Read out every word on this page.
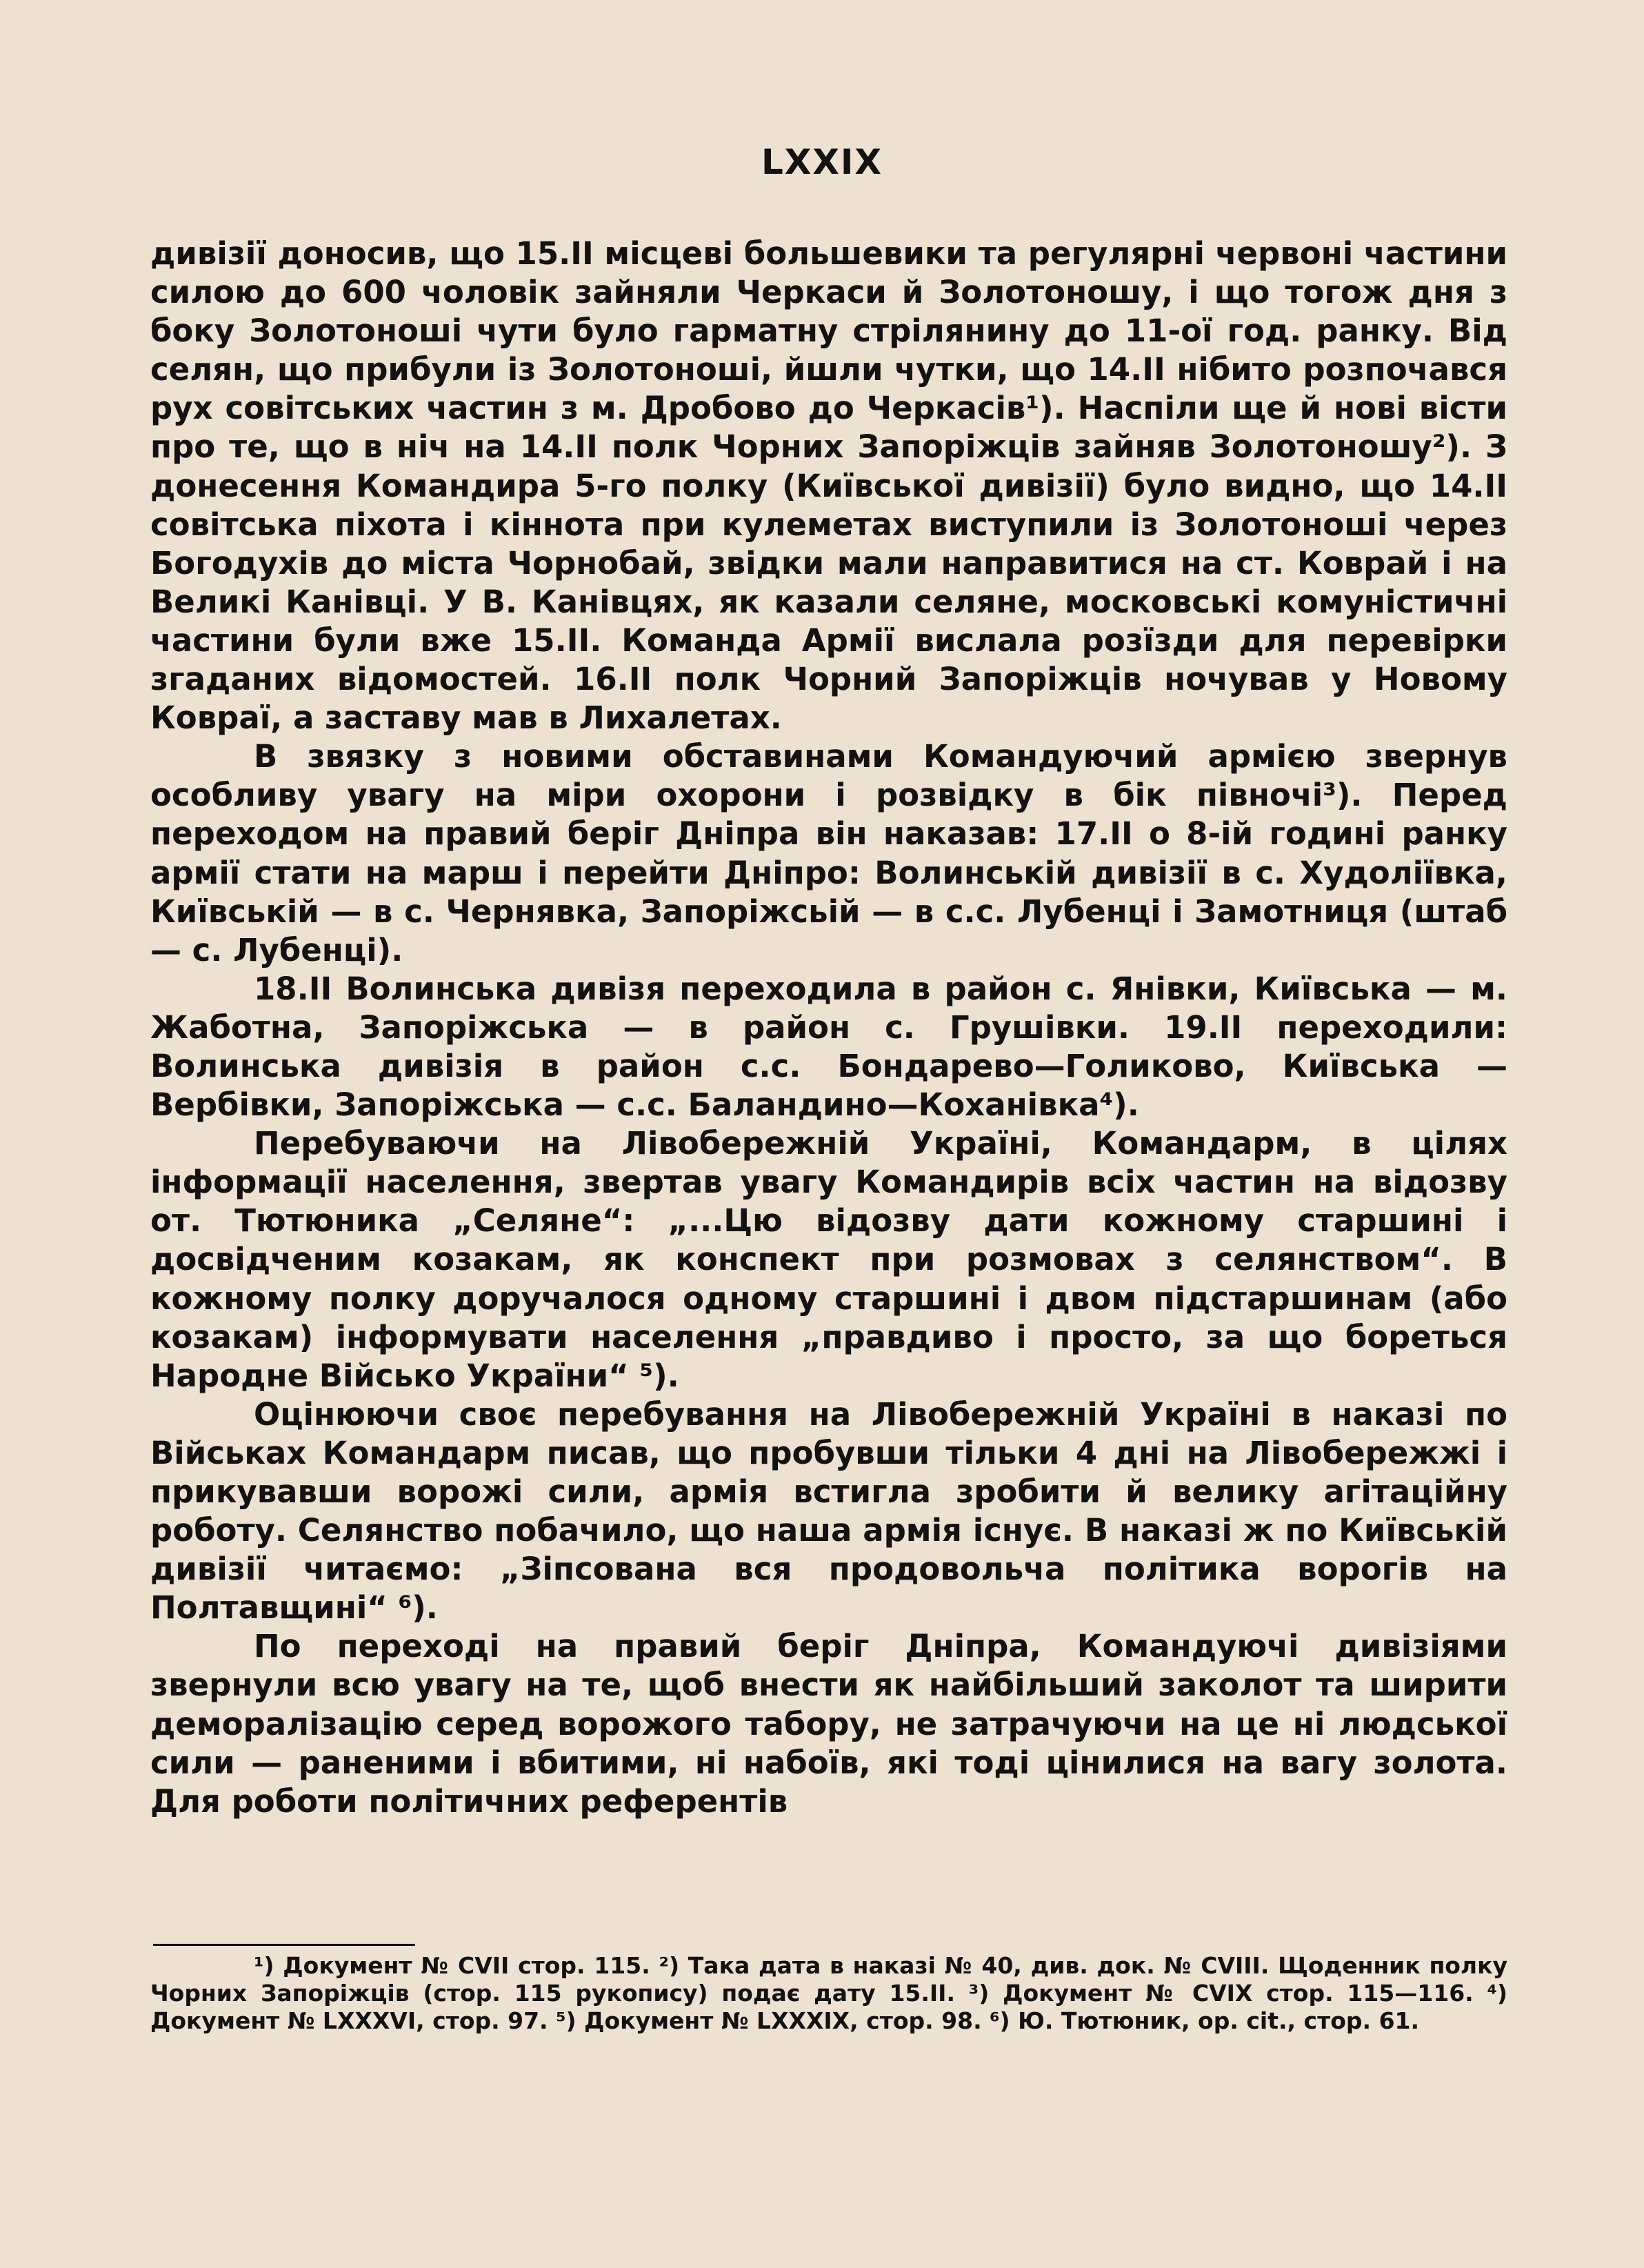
LXXIX

дивізії доносив, що 15.II місцеві большевики та регулярні червоні частини силою до 600 чоловік зайняли Черкаси й Золотоношу, і що тогож дня з боку Золотоноші чути було гарматну стрілянину до 11-ої год. ранку. Від селян, що прибули із Золотоноші, йшли чутки, що 14.II нібито розпочався рух совітських частин з м. Дробово до Черкасів¹). Наспіли ще й нові вісти про те, що в ніч на 14.II полк Чорних Запоріжців зайняв Золотоношу²). З донесення Командира 5-го полку (Київської дивізії) було видно, що 14.II совітська піхота і кіннота при кулеметах виступили із Золотоноші через Богодухів до міста Чорнобай, звідки мали направитися на ст. Коврай і на Великі Канівці. У В. Канівцях, як казали селяне, московські комуністичні частини були вже 15.II. Команда Армії вислала розїзди для перевірки згаданих відомостей. 16.II полк Чорний Запоріжців ночував у Новому Ковраї, а заставу мав в Лихалетах.

В звязку з новими обставинами Командуючий армією звернув особливу увагу на міри охорони і розвідку в бік півночі³). Перед переходом на правий беріг Дніпра він наказав: 17.II о 8-ій годині ранку армії стати на марш і перейти Дніпро: Волинській дивізії в с. Худоліївка, Київській — в с. Чернявка, Запоріжсьій — в с.с. Лубенці і Замотниця (штаб — с. Лубенці).

18.II Волинська дивізя переходила в район с. Янівки, Київська — м. Жаботна, Запоріжська — в район с. Грушівки. 19.II переходили: Волинська дивізія в район с.с. Бондарево—Голиково, Київська — Вербівки, Запоріжська — с.с. Баландино—Коханівка⁴).

Перебуваючи на Лівобережній Україні, Командарм, в цілях інформації населення, звертав увагу Командирів всіх частин на відозву от. Тютюника „Селяне“: „...Цю відозву дати кожному старшині і досвідченим козакам, як конспект при розмовах з селянством“. В кожному полку доручалося одному старшині і двом підстаршинам (або козакам) інформувати населення „правдиво і просто, за що бореться Народне Військо України“ ⁵).

Оцінюючи своє перебування на Лівобережній Україні в наказі по Військах Командарм писав, що пробувши тільки 4 дні на Лівобережжі і прикувавши ворожі сили, армія встигла зробити й велику агітаційну роботу. Селянство побачило, що наша армія існує. В наказі ж по Київській дивізії читаємо: „Зіпсована вся продовольча політика ворогів на Полтавщині“ ⁶).

По переході на правий беріг Дніпра, Командуючі дивізіями звернули всю увагу на те, щоб внести як найбільший заколот та ширити деморалізацію серед ворожого табору, не затрачуючи на це ні людської сили — раненими і вбитими, ні набоїв, які тоді цінилися на вагу золота. Для роботи політичних референтів

¹) Документ № CVII стор. 115. ²) Така дата в наказі № 40, див. док. № CVIII. Щоденник полку Чорних Запоріжців (стор. 115 рукопису) подає дату 15.II. ³) Документ № CVIX стор. 115—116. ⁴) Документ № LXXXVI, стор. 97. ⁵) Документ № LXXXIX, стор. 98. ⁶) Ю. Тютюник, op. cit., стор. 61.
